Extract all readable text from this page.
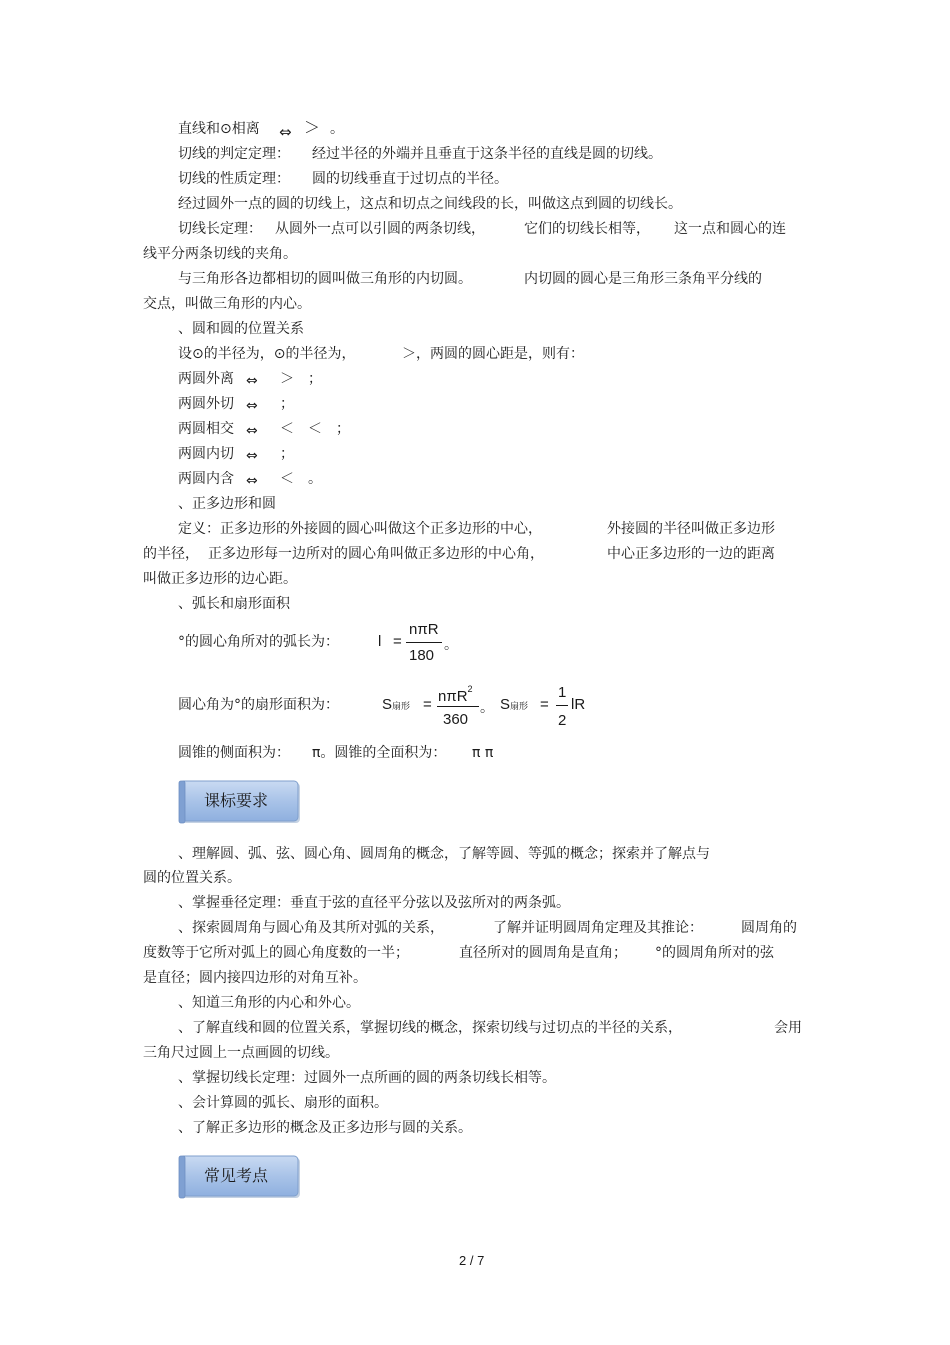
直线和⊙相离 ⇔ ＞ 。
切线的判定定理： 经过半径的外端并且垂直于这条半径的直线是圆的切线。
切线的性质定理： 圆的切线垂直于过切点的半径。
经过圆外一点的圆的切线上，这点和切点之间线段的长，叫做这点到圆的切线长。
切线长定理： 从圆外一点可以引圆的两条切线，	它们的切线长相等， 这一点和圆心的连
线平分两条切线的夹角。
与三角形各边都相切的圆叫做三角形的内切圆。	内切圆的圆心是三角形三条角平分线的
交点，叫做三角形的内心。
、圆和圆的位置关系
设⊙的半径为，⊙的半径为，	＞，两圆的圆心距是，则有：
两圆外离 ⇔ ＞　；
两圆外切 ⇔ ；
两圆相交 ⇔ ＜　＜　；
两圆内切 ⇔ ；
两圆内含 ⇔ ＜　。
、正多边形和圆
定义：正多边形的外接圆的圆心叫做这个正多边形的中心，	外接圆的半径叫做正多边形
的半径， 正多边形每一边所对的圆心角叫做正多边形的中心角，	中心正多边形的一边的距离
叫做正多边形的边心距。
、弧长和扇形面积
°的圆心角所对的弧长为：	l =
nπR
180
。
圆心角为°的扇形面积为：	S扇形 = nπR$^2$
360
。 S扇形 =
1
2
lR
圆锥的侧面积为： π。圆锥的全面积为： π π
课标要求
、理解圆、弧、弦、圆心角、圆周角的概念，了解等圆、等弧的概念；探索并了解点与
圆的位置关系。
、掌握垂径定理：垂直于弦的直径平分弦以及弦所对的两条弧。
、探索圆周角与圆心角及其所对弧的关系，	了解并证明圆周角定理及其推论：	圆周角的
度数等于它所对弧上的圆心角度数的一半；	直径所对的圆周角是直角； °的圆周角所对的弦
是直径；圆内接四边形的对角互补。
、知道三角形的内心和外心。
、了解直线和圆的位置关系，掌握切线的概念，探索切线与过切点的半径的关系，	会用
三角尺过圆上一点画圆的切线。
、掌握切线长定理：过圆外一点所画的圆的两条切线长相等。
、会计算圆的弧长、扇形的面积。
、了解正多边形的概念及正多边形与圆的关系。
常见考点
2 / 7
